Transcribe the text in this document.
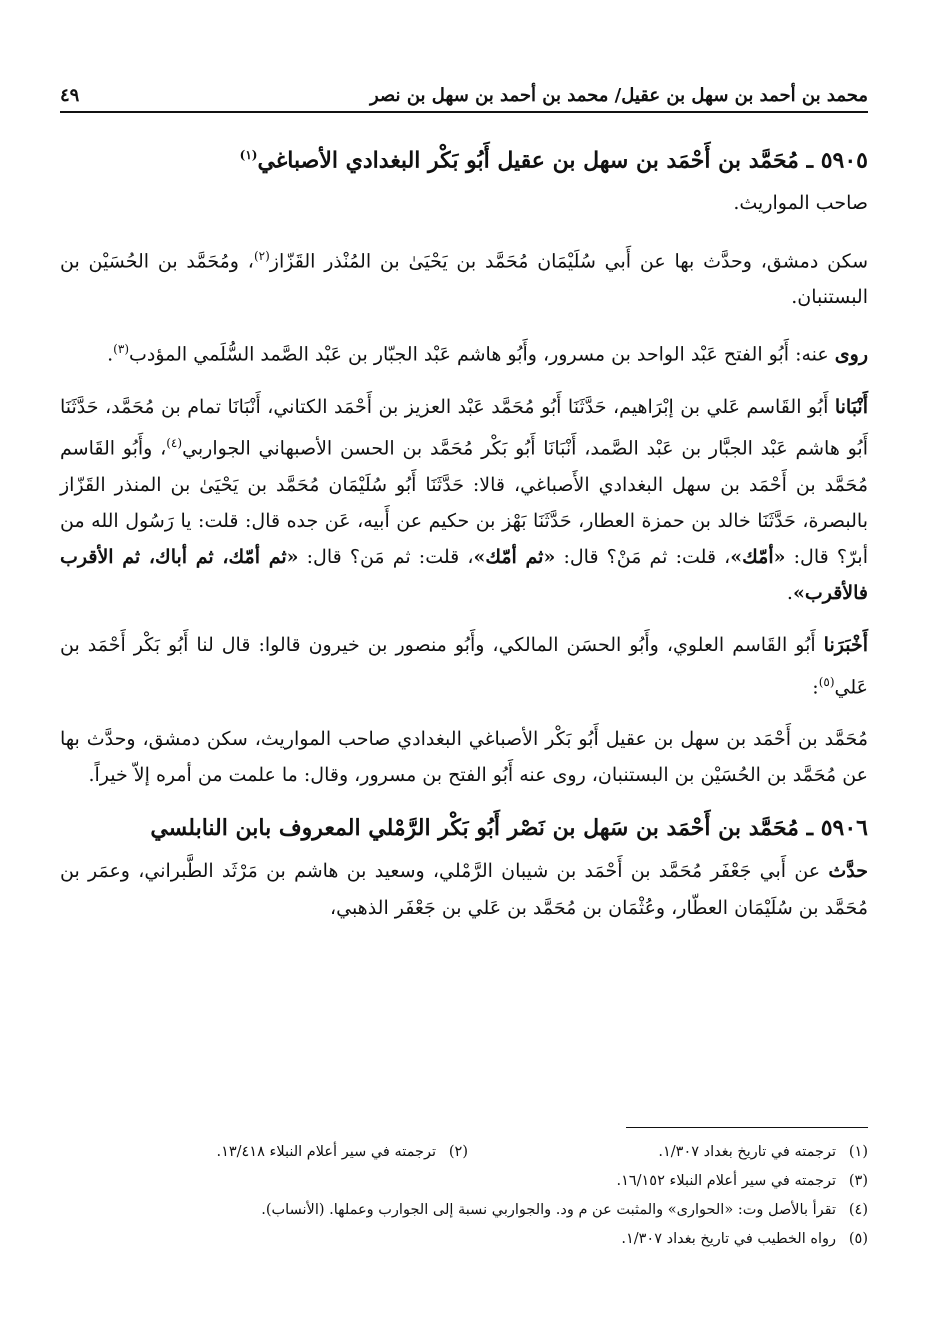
محمد بن أحمد بن سهل بن عقيل/ محمد بن أحمد بن سهل بن نصر
٤٩
٥٩٠٥ ـ مُحَمَّد بن أَحْمَد بن سهل بن عقيل أَبُو بَكْر البغدادي الأصباغي$^{(١)}$

صاحب المواريث.

سكن دمشق، وحدَّث بها عن أَبي سُلَيْمَان مُحَمَّد بن يَحْيَىٰ بن المُنْذر القَزّاز$^{(٢)}$، ومُحَمَّد بن الحُسَيْن بن البستنبان.

روى عنه: أَبُو الفتح عَبْد الواحد بن مسرور، وأَبُو هاشم عَبْد الجبّار بن عَبْد الصَّمد السُّلَمي المؤدب$^{(٣)}$.

أَنْبَانا أَبُو القَاسم عَلي بن إبْرَاهيم، حَدَّثَنَا أَبُو مُحَمَّد عَبْد العزيز بن أَحْمَد الكتاني، أَنْبَانَا تمام بن مُحَمَّد، حَدَّثَنَا أَبُو هاشم عَبْد الجبَّار بن عَبْد الصَّمد، أَنْبَانَا أَبُو بَكْر مُحَمَّد بن الحسن الأصبهاني الجواربي$^{(٤)}$، وأَبُو القَاسم مُحَمَّد بن أَحْمَد بن سهل البغدادي الأَصباغي، قالا: حَدَّثَنَا أَبُو سُلَيْمَان مُحَمَّد بن يَحْيَىٰ بن المنذر القَزّاز بالبصرة، حَدَّثَنَا خالد بن حمزة العطار، حَدَّثَنَا بَهْز بن حكيم عن أَبيه، عَن جده قال: قلت: يا رَسُول الله من أبرّ؟ قال: «أمّك»، قلت: ثم مَنْ؟ قال: «ثم أمّك»، قلت: ثم مَن؟ قال: «ثم أمّك، ثم أباك، ثم الأقرب فالأقرب».

أَخْبَرَنا أَبُو القَاسم العلوي، وأَبُو الحسَن المالكي، وأَبُو منصور بن خيرون قالوا: قال لنا أَبُو بَكْر أَحْمَد بن عَلي$^{(٥)}$:

مُحَمَّد بن أَحْمَد بن سهل بن عقيل أَبُو بَكْر الأصباغي البغدادي صاحب المواريث، سكن دمشق، وحدَّث بها عن مُحَمَّد بن الحُسَيْن بن البستنبان، روى عنه أَبُو الفتح بن مسرور، وقال: ما علمت من أمره إلاّ خيراً.

٥٩٠٦ ـ مُحَمَّد بن أَحْمَد بن سَهل بن نَصْر أَبُو بَكْر الرَّمْلي المعروف بابن النابلسي

حدَّث عن أَبي جَعْفَر مُحَمَّد بن أَحْمَد بن شيبان الرَّمْلي، وسعيد بن هاشم بن مَرْثَد الطَّبراني، وعمَر بن مُحَمَّد بن سُلَيْمَان العطّار، وعُثْمَان بن مُحَمَّد بن عَلي بن جَعْفَر الذهبي،

(١)ترجمته في تاريخ بغداد ١/٣٠٧.
(٢)ترجمته في سير أعلام النبلاء ١٣/٤١٨.
(٣)
ترجمته في سير أعلام النبلاء ١٦/١٥٢.
(٤)
تقرأ بالأصل وت: «الحوارى» والمثبت عن م ود. والجواربي نسبة إلى الجوارب وعملها. (الأنساب).
(٥)
رواه الخطيب في تاريخ بغداد ١/٣٠٧.
